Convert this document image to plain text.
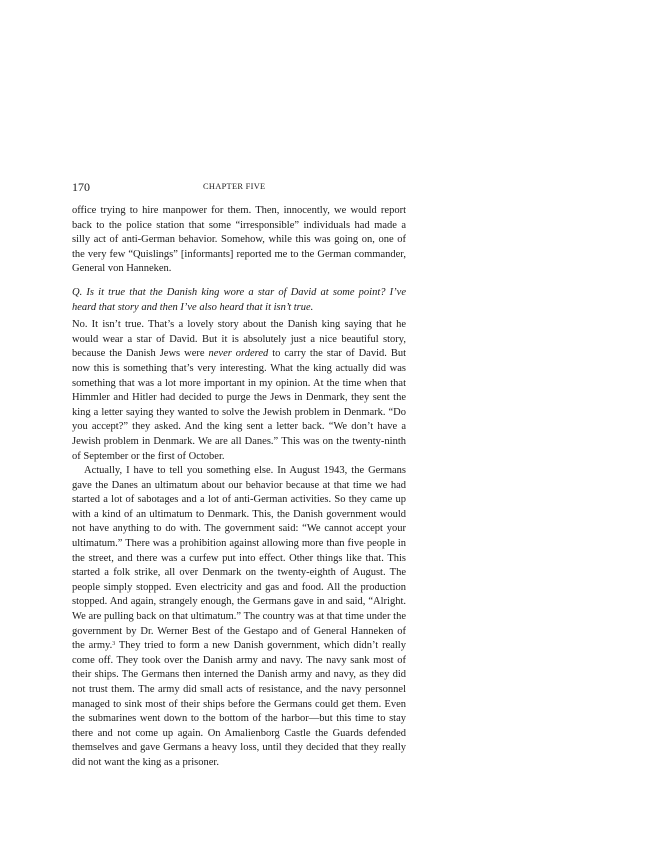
170	CHAPTER FIVE

office trying to hire manpower for them. Then, innocently, we would report back to the police station that some “irresponsible” individuals had made a silly act of anti-German behavior. Somehow, while this was going on, one of the very few “Quislings” [informants] reported me to the German commander, General von Hanneken.

Q. Is it true that the Danish king wore a star of David at some point? I’ve heard that story and then I’ve also heard that it isn’t true.

No. It isn’t true. That’s a lovely story about the Danish king saying that he would wear a star of David. But it is absolutely just a nice beautiful story, because the Danish Jews were never ordered to carry the star of David. But now this is something that’s very interesting. What the king actually did was something that was a lot more important in my opinion. At the time when that Himmler and Hitler had decided to purge the Jews in Denmark, they sent the king a letter saying they wanted to solve the Jewish problem in Denmark. “Do you accept?” they asked. And the king sent a letter back. “We don’t have a Jewish problem in Denmark. We are all Danes.” This was on the twenty-ninth of September or the first of October.

Actually, I have to tell you something else. In August 1943, the Germans gave the Danes an ultimatum about our behavior because at that time we had started a lot of sabotages and a lot of anti-German activities. So they came up with a kind of an ultimatum to Denmark. This, the Danish government would not have anything to do with. The government said: “We cannot accept your ultimatum.” There was a prohibition against allowing more than five people in the street, and there was a curfew put into effect. Other things like that. This started a folk strike, all over Denmark on the twenty-eighth of August. The people simply stopped. Even electricity and gas and food. All the production stopped. And again, strangely enough, the Germans gave in and said, “Alright. We are pulling back on that ultimatum.” The country was at that time under the government by Dr. Werner Best of the Gestapo and of General Hanneken of the army.$^3$ They tried to form a new Danish government, which didn’t really come off. They took over the Danish army and navy. The navy sank most of their ships. The Germans then interned the Danish army and navy, as they did not trust them. The army did small acts of resistance, and the navy personnel managed to sink most of their ships before the Germans could get them. Even the submarines went down to the bottom of the harbor—but this time to stay there and not come up again. On Amalienborg Castle the Guards defended themselves and gave Germans a heavy loss, until they decided that they really did not want the king as a prisoner.
